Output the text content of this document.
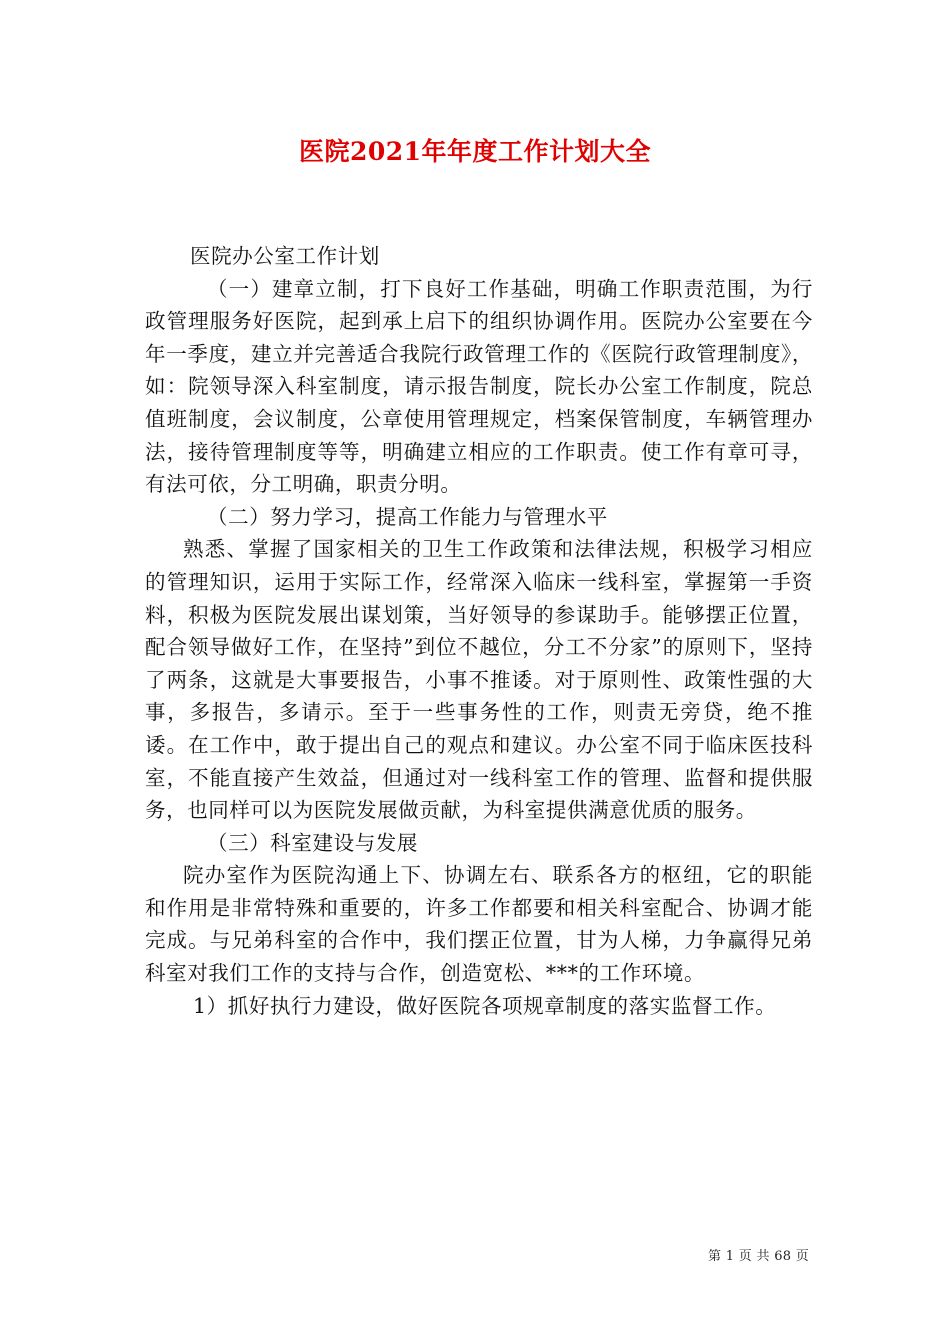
医院2021年年度工作计划大全

医院办公室工作计划

（一）建章立制，打下良好工作基础，明确工作职责范围，为行政管理服务好医院，起到承上启下的组织协调作用。医院办公室要在今年一季度，建立并完善适合我院行政管理工作的《医院行政管理制度》，如：院领导深入科室制度，请示报告制度，院长办公室工作制度，院总值班制度，会议制度，公章使用管理规定，档案保管制度，车辆管理办法，接待管理制度等等，明确建立相应的工作职责。使工作有章可寻，有法可依，分工明确，职责分明。

（二）努力学习，提高工作能力与管理水平

熟悉、掌握了国家相关的卫生工作政策和法律法规，积极学习相应的管理知识，运用于实际工作，经常深入临床一线科室，掌握第一手资料，积极为医院发展出谋划策，当好领导的参谋助手。能够摆正位置，配合领导做好工作，在坚持”到位不越位，分工不分家”的原则下，坚持了两条，这就是大事要报告，小事不推诿。对于原则性、政策性强的大事，多报告，多请示。至于一些事务性的工作，则责无旁贷，绝不推诿。在工作中，敢于提出自己的观点和建议。办公室不同于临床医技科室，不能直接产生效益，但通过对一线科室工作的管理、监督和提供服务，也同样可以为医院发展做贡献，为科室提供满意优质的服务。

（三）科室建设与发展

院办室作为医院沟通上下、协调左右、联系各方的枢纽，它的职能和作用是非常特殊和重要的，许多工作都要和相关科室配合、协调才能完成。与兄弟科室的合作中，我们摆正位置，甘为人梯，力争赢得兄弟科室对我们工作的支持与合作，创造宽松、***的工作环境。

1）抓好执行力建设，做好医院各项规章制度的落实监督工作。

第 1 页 共 68 页
